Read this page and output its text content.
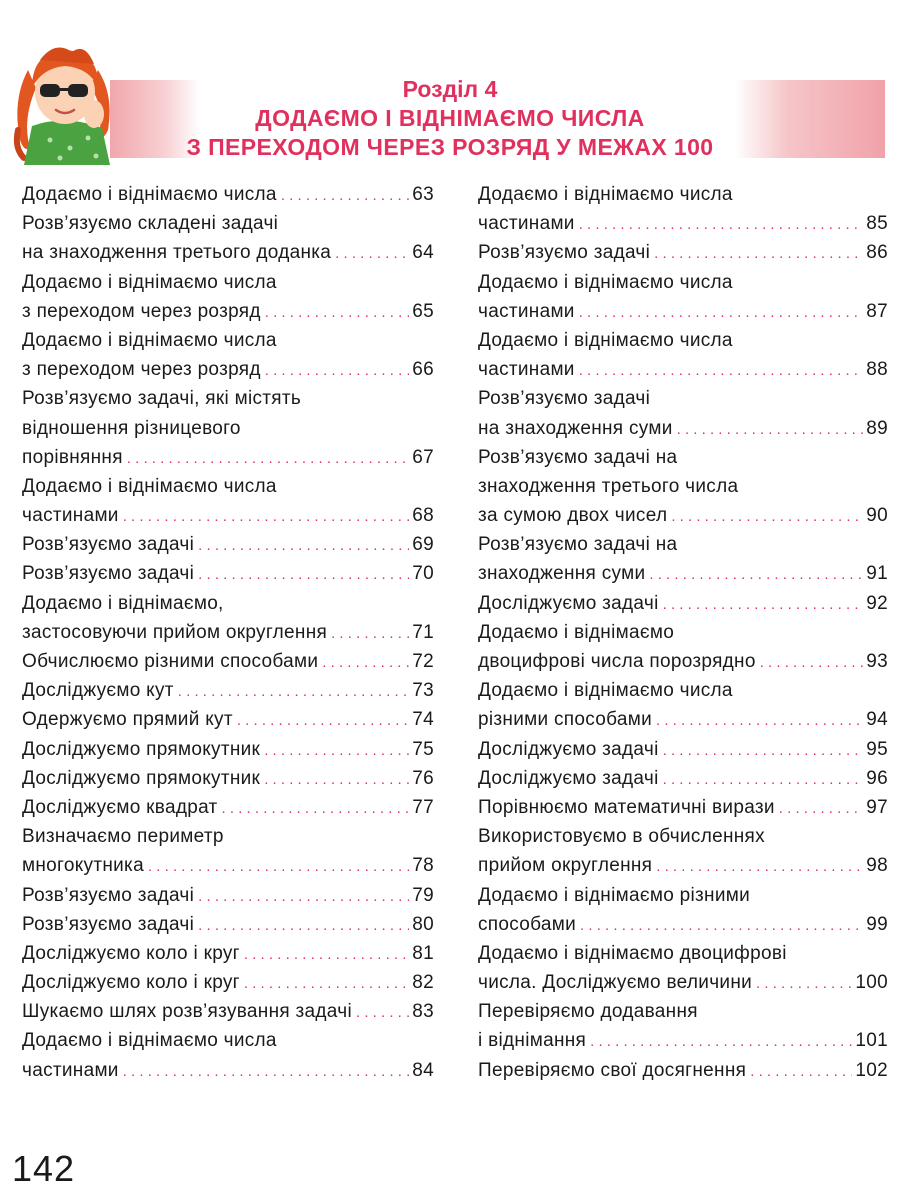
Розділ 4
ДОДАЄМО І ВІДНІМАЄМО ЧИСЛА
З ПЕРЕХОДОМ ЧЕРЕЗ РОЗРЯД У МЕЖАХ 100
Додаємо і віднімаємо числа . . .	63
Розв’язуємо складені задачі
на знаходження третього доданка . . .	64
Додаємо і віднімаємо числа
з переходом через розряд . . .	65
Додаємо і віднімаємо числа
з переходом через розряд . . .	66
Розв’язуємо задачі, які містять
відношення різницевого
порівняння . . .	67
Додаємо і віднімаємо числа
частинами . . .	68
Розв’язуємо задачі . . .	69
Розв’язуємо задачі . . .	70
Додаємо і віднімаємо,
застосовуючи прийом округлення . . .	71
Обчислюємо різними способами . . .	72
Досліджуємо кут . . .	73
Одержуємо прямий кут . . .	74
Досліджуємо прямокутник . . .	75
Досліджуємо прямокутник . . .	76
Досліджуємо квадрат . . .	77
Визначаємо периметр
многокутника . . .	78
Розв’язуємо задачі . . .	79
Розв’язуємо задачі . . .	80
Досліджуємо коло і круг . . .	81
Досліджуємо коло і круг . . .	82
Шукаємо шлях розв’язування задачі . . .	83
Додаємо і віднімаємо числа
частинами . . .	84
Додаємо і віднімаємо числа
частинами . . .	85
Розв’язуємо задачі . . .	86
Додаємо і віднімаємо числа
частинами . . .	87
Додаємо і віднімаємо числа
частинами . . .	88
Розв’язуємо задачі
на знаходження суми . . .	89
Розв’язуємо задачі на
знаходження третього числа
за сумою двох чисел . . .	90
Розв’язуємо задачі на
знаходження суми . . .	91
Досліджуємо задачі . . .	92
Додаємо і віднімаємо
двоцифрові числа порозрядно . . .	93
Додаємо і віднімаємо числа
різними способами . . .	94
Досліджуємо задачі . . .	95
Досліджуємо задачі . . .	96
Порівнюємо математичні вирази . . .	97
Використовуємо в обчисленнях
прийом округлення . . .	98
Додаємо і віднімаємо різними
способами . . .	99
Додаємо і віднімаємо двоцифрові
числа. Досліджуємо величини . . .	100
Перевіряємо додавання
і віднімання . . .	101
Перевіряємо свої досягнення . . .	102
142
